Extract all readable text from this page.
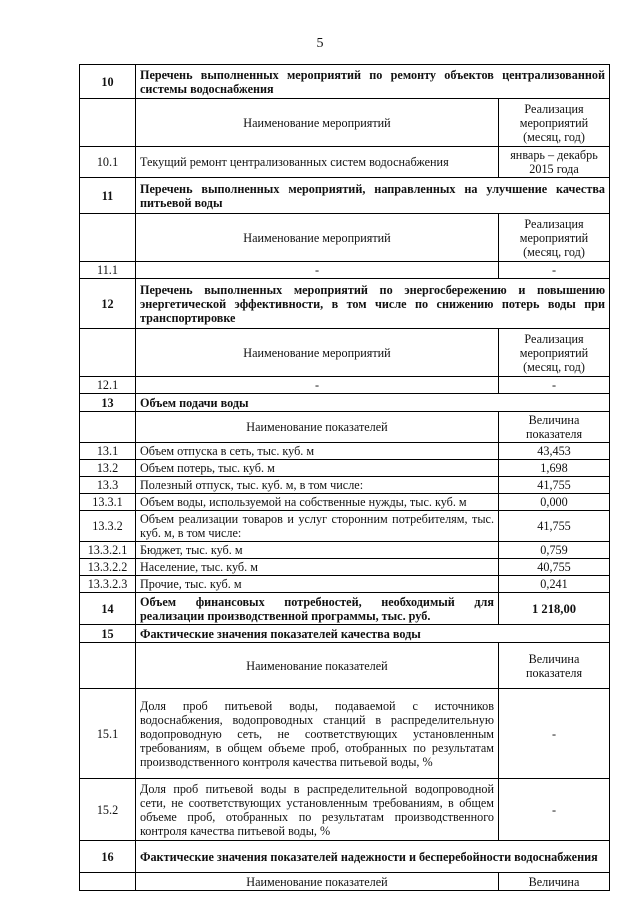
5
10	Перечень выполненных мероприятий по ремонту объектов централизованной системы водоснабжения	
	Наименование мероприятий	Реализация мероприятий (месяц, год)
10.1	Текущий ремонт централизованных систем водоснабжения	январь – декабрь 2015 года
11	Перечень выполненных мероприятий, направленных на улучшение качества питьевой воды	
	Наименование мероприятий	Реализация мероприятий (месяц, год)
11.1	-	-
12	Перечень выполненных мероприятий по энергосбережению и повышению энергетической эффективности, в том числе по снижению потерь воды при транспортировке	
	Наименование мероприятий	Реализация мероприятий (месяц, год)
12.1	-	-
13	Объем подачи воды	
	Наименование показателей	Величина показателя
13.1	Объем отпуска в сеть, тыс. куб. м	43,453
13.2	Объем потерь, тыс. куб. м	1,698
13.3	Полезный отпуск, тыс. куб. м, в том числе:	41,755
13.3.1	Объем воды, используемой на собственные нужды, тыс. куб. м	0,000
13.3.2	Объем реализации товаров и услуг сторонним потребителям, тыс. куб. м, в том числе:	41,755
13.3.2.1	Бюджет, тыс. куб. м	0,759
13.3.2.2	Население, тыс. куб. м	40,755
13.3.2.3	Прочие, тыс. куб. м	0,241
14	Объем финансовых потребностей, необходимый для реализации производственной программы, тыс. руб.	1 218,00
15	Фактические значения показателей качества воды	
	Наименование показателей	Величина показателя
15.1	Доля проб питьевой воды, подаваемой с источников водоснабжения, водопроводных станций в распределительную водопроводную сеть, не соответствующих установленным требованиям, в общем объеме проб, отобранных по результатам производственного контроля качества питьевой воды, %	-
15.2	Доля проб питьевой воды в распределительной водопроводной сети, не соответствующих установленным требованиям, в общем объеме проб, отобранных по результатам производственного контроля качества питьевой воды, %	-
16	Фактические значения показателей надежности и бесперебойности водоснабжения	
	Наименование показателей	Величина
